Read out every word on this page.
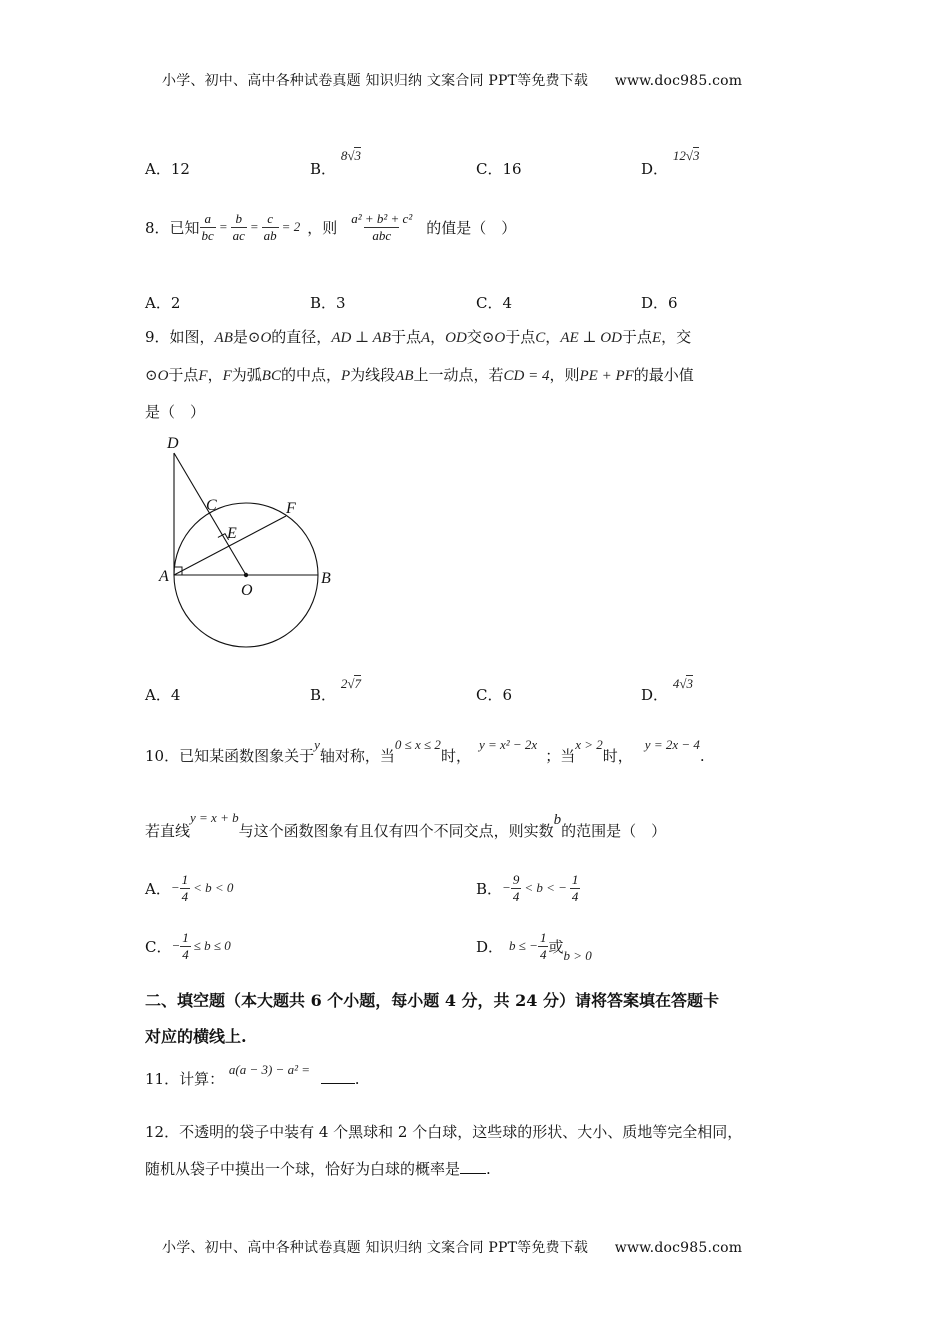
小学、初中、高中各种试卷真题 知识归纳 文案合同 PPT等免费下载 www.doc985.com
A．12	B． 8√3
C．16	D． 12√3
8．已知 $\frac{a}{bc} = \frac{b}{ac} = \frac{c}{ab} = 2$ ，则 $\frac{\text{a² + b² + c²}}{\text{abc}}$ 的值是（　）
A．2	B．3	C．4	D．6
9．如图，AB是⊙O的直径，AD ⊥ AB于点A，OD交⊙O于点C，AE ⊥ OD于点E，交
⊙O于点F，F为弧BC的中点，P为线段AB上一动点，若CD = 4，则PE + PF的最小值
是（　）
D
C	F
E
A
O
B
A．4	B． 2√7
C．6	D． 4√3
10．已知某函数图象关于y轴对称，当0 ≤ x ≤ 2时，y = x² − 2x；当x > 2时，y = 2x − 4.
若直线y = x + b与这个函数图象有且仅有四个不同交点，则实数b的范围是（　）
A． − $\frac{1}{4} < b < 0$	B． − $\frac{9}{4} < b$ < − $\frac{1}{4}$
C． − $\frac{1}{4} \le b \le 0$	D． b ≤ − $\frac{1}{4}$ 或 b > 0
二、填空题（本大题共 6 个小题，每小题 4 分，共 24 分）请将答案填在答题卡
对应的横线上.
11．计算： a(a − 3) − a² = .
12．不透明的袋子中装有 4 个黑球和 2 个白球，这些球的形状、大小、质地等完全相同，
随机从袋子中摸出一个球，恰好为白球的概率是 .
小学、初中、高中各种试卷真题 知识归纳 文案合同 PPT等免费下载 www.doc985.com
